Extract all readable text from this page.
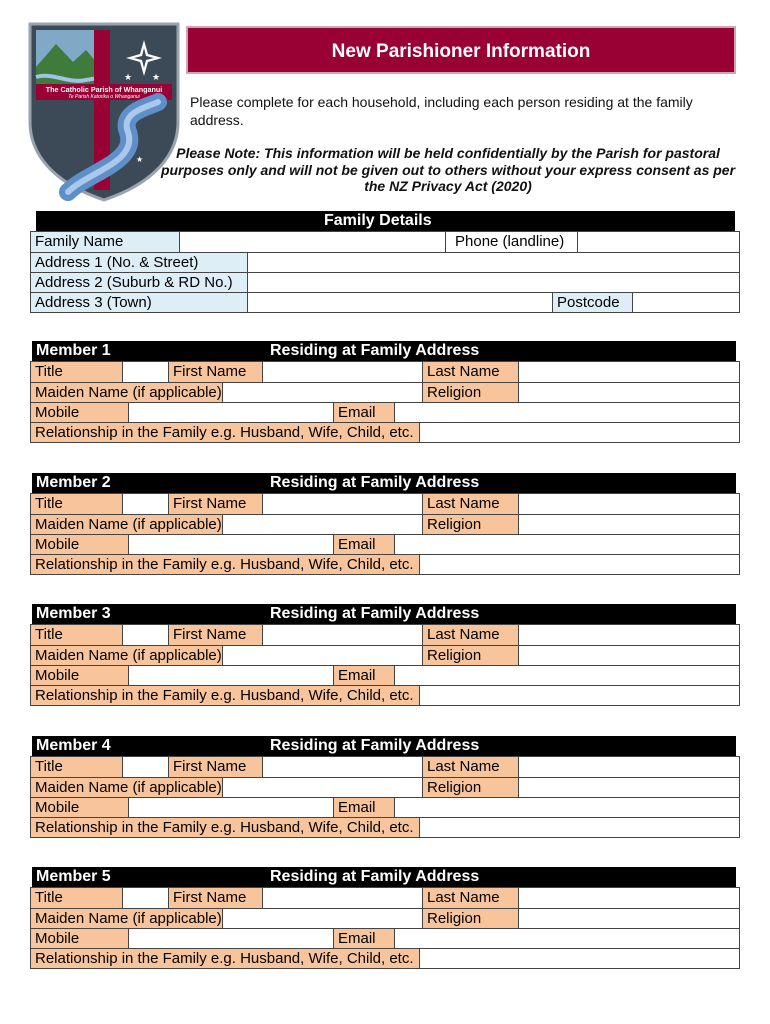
★ ★
★
The Catholic Parish of Whanganui
Te Parish Katorika o Whanganui
New Parishioner Information
Please complete for each household, including each person residing at the family address.
Please Note: This information will be held confidentially by the Parish for pastoral purposes only and will not be given out to others without your express consent as per the NZ Privacy Act (2020)
Family Details
Family Name	Phone (landline)
Address 1 (No. & Street)
Address 2 (Suburb & RD No.)
Address 3 (Town)	Postcode
Member 1	Residing at Family Address
Title	First Name	Last Name
Maiden Name (if applicable)	Religion
Mobile	Email
Relationship in the Family e.g. Husband, Wife, Child, etc.
Member 2	Residing at Family Address
Title	First Name	Last Name
Maiden Name (if applicable)	Religion
Mobile	Email
Relationship in the Family e.g. Husband, Wife, Child, etc.
Member 3	Residing at Family Address
Title	First Name	Last Name
Maiden Name (if applicable)	Religion
Mobile	Email
Relationship in the Family e.g. Husband, Wife, Child, etc.
Member 4	Residing at Family Address
Title	First Name	Last Name
Maiden Name (if applicable)	Religion
Mobile	Email
Relationship in the Family e.g. Husband, Wife, Child, etc.
Member 5	Residing at Family Address
Title	First Name	Last Name
Maiden Name (if applicable)	Religion
Mobile	Email
Relationship in the Family e.g. Husband, Wife, Child, etc.
